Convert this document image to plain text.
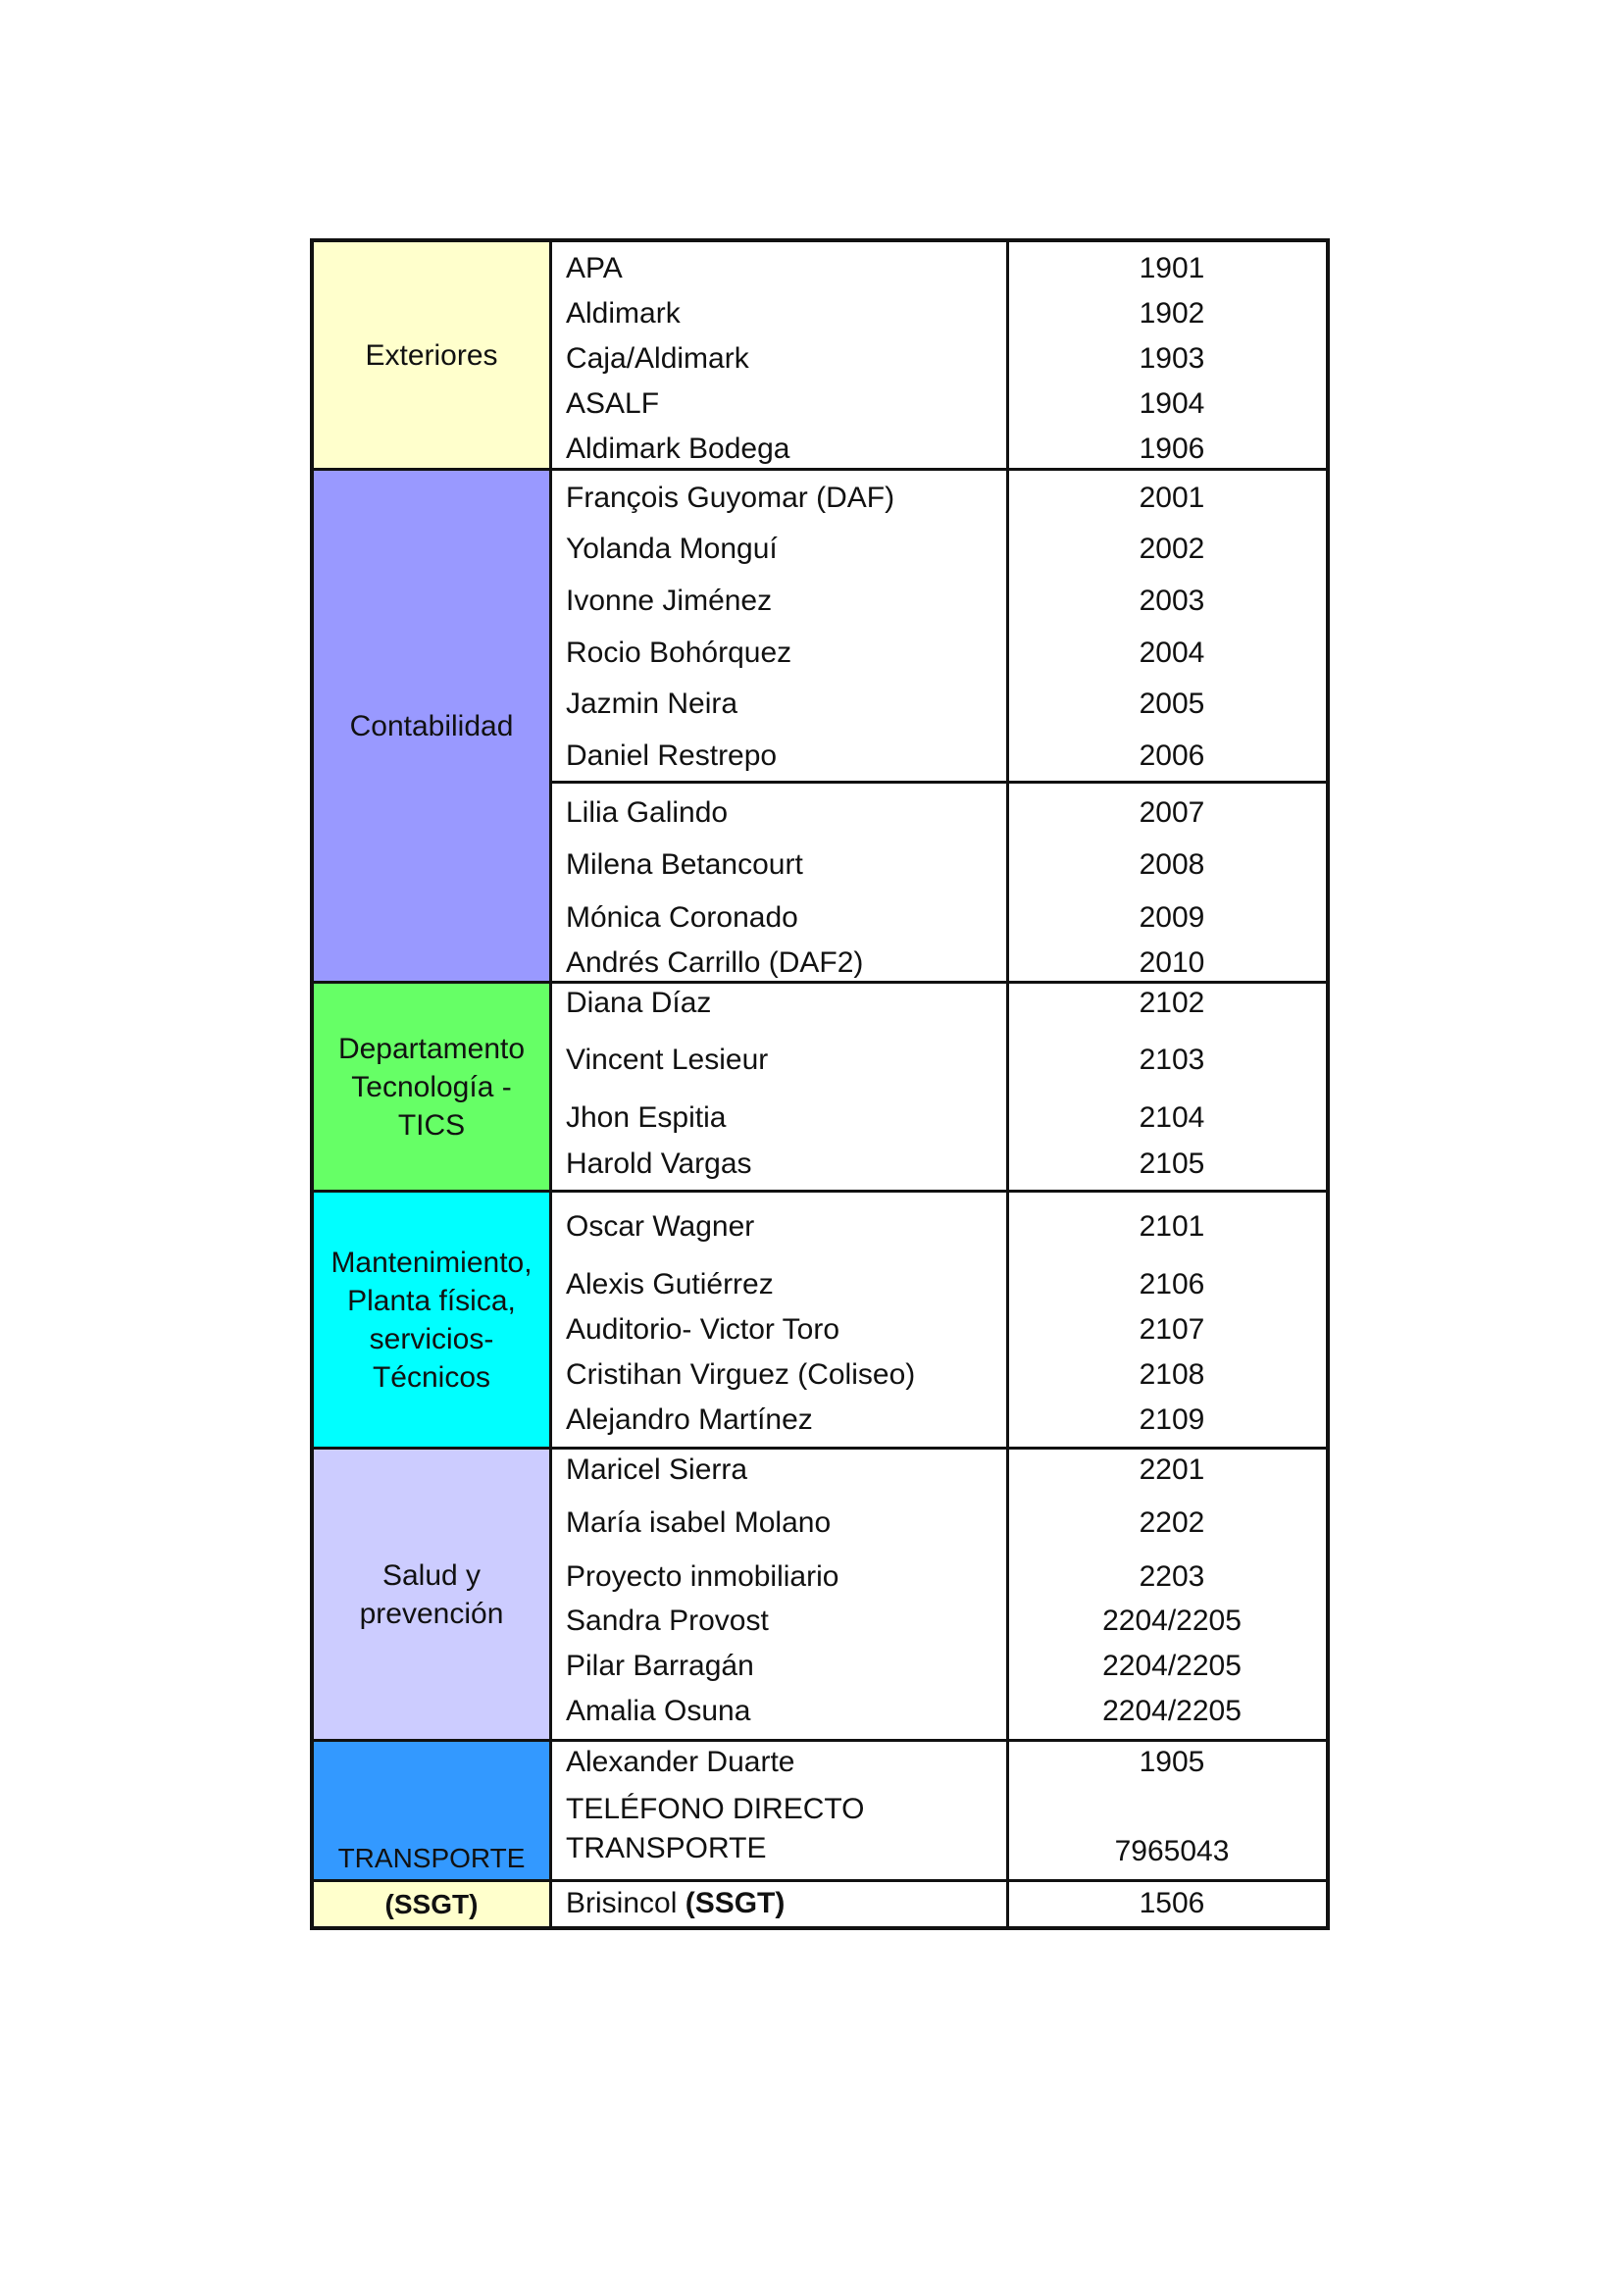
Exteriores
APA	1901
Aldimark	1902
Caja/Aldimark	1903
ASALF	1904
Aldimark Bodega	1906
Contabilidad
François Guyomar (DAF)	2001
Yolanda Monguí	2002
Ivonne Jiménez	2003
Rocio Bohórquez	2004
Jazmin Neira	2005
Daniel Restrepo	2006
Lilia Galindo	2007
Milena Betancourt	2008
Mónica Coronado	2009
Andrés Carrillo (DAF2)	2010
Departamento
Tecnología -
TICS
Diana Díaz	2102
Vincent Lesieur	2103
Jhon Espitia	2104
Harold Vargas	2105
Mantenimiento,
Planta física,
servicios-
Técnicos
Oscar Wagner	2101
Alexis Gutiérrez	2106
Auditorio- Victor Toro	2107
Cristihan Virguez (Coliseo)	2108
Alejandro Martínez	2109
Salud y
prevención
Maricel Sierra	2201
María isabel Molano	2202
Proyecto inmobiliario	2203
Sandra Provost	2204/2205
Pilar Barragán	2204/2205
Amalia Osuna	2204/2205
TRANSPORTE
Alexander Duarte	1905
TELÉFONO DIRECTO
TRANSPORTE	7965043
(SSGT)	Brisincol (SSGT)	1506
